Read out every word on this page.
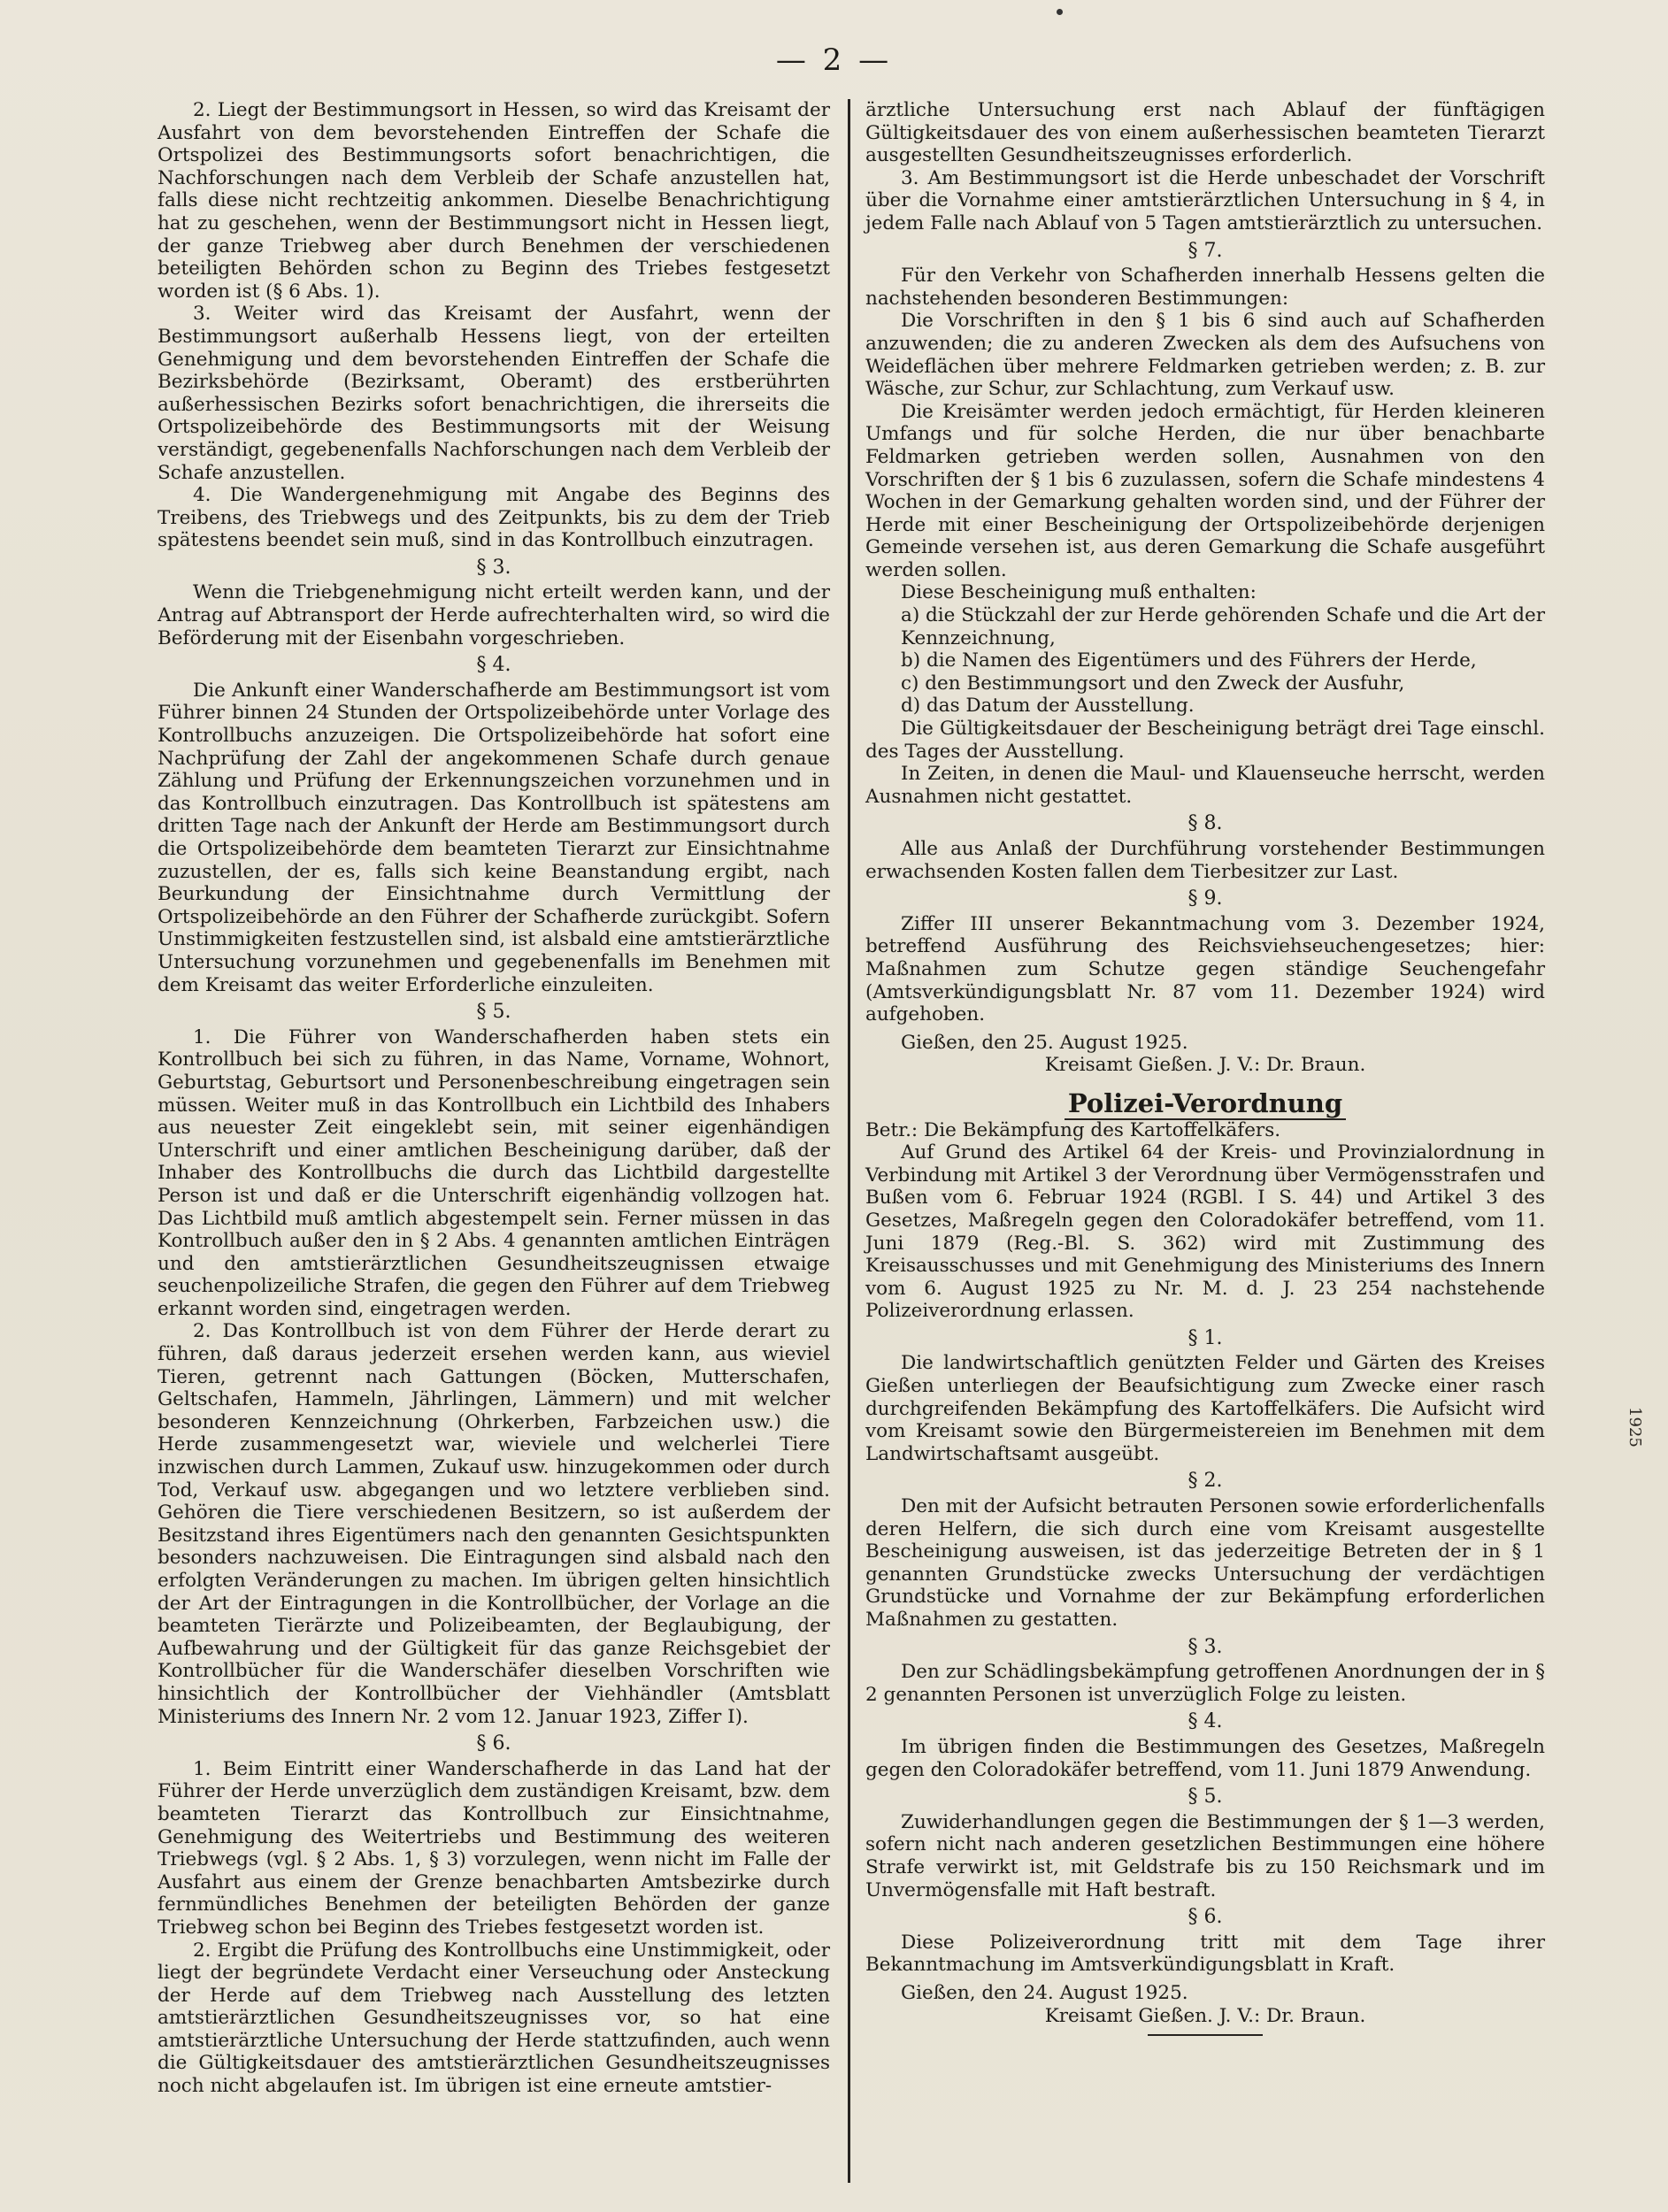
— 2 —

2. Liegt der Bestimmungsort in Hessen, so wird das Kreisamt der Ausfahrt von dem bevorstehenden Eintreffen der Schafe die Ortspolizei des Bestimmungsorts sofort benachrichtigen, die Nachforschungen nach dem Verbleib der Schafe anzustellen hat, falls diese nicht rechtzeitig ankommen. Dieselbe Benachrichtigung hat zu geschehen, wenn der Bestimmungsort nicht in Hessen liegt, der ganze Triebweg aber durch Benehmen der verschiedenen beteiligten Behörden schon zu Beginn des Triebes festgesetzt worden ist (§ 6 Abs. 1).

3. Weiter wird das Kreisamt der Ausfahrt, wenn der Bestimmungsort außerhalb Hessens liegt, von der erteilten Genehmigung und dem bevorstehenden Eintreffen der Schafe die Bezirksbehörde (Bezirksamt, Oberamt) des erstberührten außerhessischen Bezirks sofort benachrichtigen, die ihrerseits die Ortspolizeibehörde des Bestimmungsorts mit der Weisung verständigt, gegebenenfalls Nachforschungen nach dem Verbleib der Schafe anzustellen.

4. Die Wandergenehmigung mit Angabe des Beginns des Treibens, des Triebwegs und des Zeitpunkts, bis zu dem der Trieb spätestens beendet sein muß, sind in das Kontrollbuch einzutragen.

§ 3.

Wenn die Triebgenehmigung nicht erteilt werden kann, und der Antrag auf Abtransport der Herde aufrechterhalten wird, so wird die Beförderung mit der Eisenbahn vorgeschrieben.

§ 4.

Die Ankunft einer Wanderschafherde am Bestimmungsort ist vom Führer binnen 24 Stunden der Ortspolizeibehörde unter Vorlage des Kontrollbuchs anzuzeigen. Die Ortspolizeibehörde hat sofort eine Nachprüfung der Zahl der angekommenen Schafe durch genaue Zählung und Prüfung der Erkennungszeichen vorzunehmen und in das Kontrollbuch einzutragen. Das Kontrollbuch ist spätestens am dritten Tage nach der Ankunft der Herde am Bestimmungsort durch die Ortspolizeibehörde dem beamteten Tierarzt zur Einsichtnahme zuzustellen, der es, falls sich keine Beanstandung ergibt, nach Beurkundung der Einsichtnahme durch Vermittlung der Ortspolizeibehörde an den Führer der Schafherde zurückgibt. Sofern Unstimmigkeiten festzustellen sind, ist alsbald eine amtstierärztliche Untersuchung vorzunehmen und gegebenenfalls im Benehmen mit dem Kreisamt das weiter Erforderliche einzuleiten.

§ 5.

1. Die Führer von Wanderschafherden haben stets ein Kontrollbuch bei sich zu führen, in das Name, Vorname, Wohnort, Geburtstag, Geburtsort und Personenbeschreibung eingetragen sein müssen. Weiter muß in das Kontrollbuch ein Lichtbild des Inhabers aus neuester Zeit eingeklebt sein, mit seiner eigenhändigen Unterschrift und einer amtlichen Bescheinigung darüber, daß der Inhaber des Kontrollbuchs die durch das Lichtbild dargestellte Person ist und daß er die Unterschrift eigenhändig vollzogen hat. Das Lichtbild muß amtlich abgestempelt sein. Ferner müssen in das Kontrollbuch außer den in § 2 Abs. 4 genannten amtlichen Einträgen und den amtstierärztlichen Gesundheitszeugnissen etwaige seuchenpolizeiliche Strafen, die gegen den Führer auf dem Triebweg erkannt worden sind, eingetragen werden.

2. Das Kontrollbuch ist von dem Führer der Herde derart zu führen, daß daraus jederzeit ersehen werden kann, aus wieviel Tieren, getrennt nach Gattungen (Böcken, Mutterschafen, Geltschafen, Hammeln, Jährlingen, Lämmern) und mit welcher besonderen Kennzeichnung (Ohrkerben, Farbzeichen usw.) die Herde zusammengesetzt war, wieviele und welcherlei Tiere inzwischen durch Lammen, Zukauf usw. hinzugekommen oder durch Tod, Verkauf usw. abgegangen und wo letztere verblieben sind. Gehören die Tiere verschiedenen Besitzern, so ist außerdem der Besitzstand ihres Eigentümers nach den genannten Gesichtspunkten besonders nachzuweisen. Die Eintragungen sind alsbald nach den erfolgten Veränderungen zu machen. Im übrigen gelten hinsichtlich der Art der Eintragungen in die Kontrollbücher, der Vorlage an die beamteten Tierärzte und Polizeibeamten, der Beglaubigung, der Aufbewahrung und der Gültigkeit für das ganze Reichsgebiet der Kontrollbücher für die Wanderschäfer dieselben Vorschriften wie hinsichtlich der Kontrollbücher der Viehhändler (Amtsblatt Ministeriums des Innern Nr. 2 vom 12. Januar 1923, Ziffer I).

§ 6.

1. Beim Eintritt einer Wanderschafherde in das Land hat der Führer der Herde unverzüglich dem zuständigen Kreisamt, bzw. dem beamteten Tierarzt das Kontrollbuch zur Einsichtnahme, Genehmigung des Weitertriebs und Bestimmung des weiteren Triebwegs (vgl. § 2 Abs. 1, § 3) vorzulegen, wenn nicht im Falle der Ausfahrt aus einem der Grenze benachbarten Amtsbezirke durch fernmündliches Benehmen der beteiligten Behörden der ganze Triebweg schon bei Beginn des Triebes festgesetzt worden ist.

2. Ergibt die Prüfung des Kontrollbuchs eine Unstimmigkeit, oder liegt der begründete Verdacht einer Verseuchung oder Ansteckung der Herde auf dem Triebweg nach Ausstellung des letzten amtstierärztlichen Gesundheitszeugnisses vor, so hat eine amtstierärztliche Untersuchung der Herde stattzufinden, auch wenn die Gültigkeitsdauer des amtstierärztlichen Gesundheitszeugnisses noch nicht abgelaufen ist. Im übrigen ist eine erneute amtstier-

ärztliche Untersuchung erst nach Ablauf der fünftägigen Gültigkeitsdauer des von einem außerhessischen beamteten Tierarzt ausgestellten Gesundheitszeugnisses erforderlich.

3. Am Bestimmungsort ist die Herde unbeschadet der Vorschrift über die Vornahme einer amtstierärztlichen Untersuchung in § 4, in jedem Falle nach Ablauf von 5 Tagen amtstierärztlich zu untersuchen.

§ 7.

Für den Verkehr von Schafherden innerhalb Hessens gelten die nachstehenden besonderen Bestimmungen:

Die Vorschriften in den § 1 bis 6 sind auch auf Schafherden anzuwenden; die zu anderen Zwecken als dem des Aufsuchens von Weideflächen über mehrere Feldmarken getrieben werden; z. B. zur Wäsche, zur Schur, zur Schlachtung, zum Verkauf usw.

Die Kreisämter werden jedoch ermächtigt, für Herden kleineren Umfangs und für solche Herden, die nur über benachbarte Feldmarken getrieben werden sollen, Ausnahmen von den Vorschriften der § 1 bis 6 zuzulassen, sofern die Schafe mindestens 4 Wochen in der Gemarkung gehalten worden sind, und der Führer der Herde mit einer Bescheinigung der Ortspolizeibehörde derjenigen Gemeinde versehen ist, aus deren Gemarkung die Schafe ausgeführt werden sollen.

Diese Bescheinigung muß enthalten:

a) die Stückzahl der zur Herde gehörenden Schafe und die Art der Kennzeichnung,

b) die Namen des Eigentümers und des Führers der Herde,

c) den Bestimmungsort und den Zweck der Ausfuhr,

d) das Datum der Ausstellung.

Die Gültigkeitsdauer der Bescheinigung beträgt drei Tage einschl. des Tages der Ausstellung.

In Zeiten, in denen die Maul- und Klauenseuche herrscht, werden Ausnahmen nicht gestattet.

§ 8.

Alle aus Anlaß der Durchführung vorstehender Bestimmungen erwachsenden Kosten fallen dem Tierbesitzer zur Last.

§ 9.

Ziffer III unserer Bekanntmachung vom 3. Dezember 1924, betreffend Ausführung des Reichsviehseuchengesetzes; hier: Maßnahmen zum Schutze gegen ständige Seuchengefahr (Amtsverkündigungsblatt Nr. 87 vom 11. Dezember 1924) wird aufgehoben.

Gießen, den 25. August 1925.

Kreisamt Gießen. J. V.: Dr. Braun.

Polizei-Verordnung

Betr.: Die Bekämpfung des Kartoffelkäfers.

Auf Grund des Artikel 64 der Kreis- und Provinzialordnung in Verbindung mit Artikel 3 der Verordnung über Vermögensstrafen und Bußen vom 6. Februar 1924 (RGBl. I S. 44) und Artikel 3 des Gesetzes, Maßregeln gegen den Coloradokäfer betreffend, vom 11. Juni 1879 (Reg.-Bl. S. 362) wird mit Zustimmung des Kreisausschusses und mit Genehmigung des Ministeriums des Innern vom 6. August 1925 zu Nr. M. d. J. 23 254 nachstehende Polizeiverordnung erlassen.

§ 1.

Die landwirtschaftlich genützten Felder und Gärten des Kreises Gießen unterliegen der Beaufsichtigung zum Zwecke einer rasch durchgreifenden Bekämpfung des Kartoffelkäfers. Die Aufsicht wird vom Kreisamt sowie den Bürgermeistereien im Benehmen mit dem Landwirtschaftsamt ausgeübt.

§ 2.

Den mit der Aufsicht betrauten Personen sowie erforderlichenfalls deren Helfern, die sich durch eine vom Kreisamt ausgestellte Bescheinigung ausweisen, ist das jederzeitige Betreten der in § 1 genannten Grundstücke zwecks Untersuchung der verdächtigen Grundstücke und Vornahme der zur Bekämpfung erforderlichen Maßnahmen zu gestatten.

§ 3.

Den zur Schädlingsbekämpfung getroffenen Anordnungen der in § 2 genannten Personen ist unverzüglich Folge zu leisten.

§ 4.

Im übrigen finden die Bestimmungen des Gesetzes, Maßregeln gegen den Coloradokäfer betreffend, vom 11. Juni 1879 Anwendung.

§ 5.

Zuwiderhandlungen gegen die Bestimmungen der § 1—3 werden, sofern nicht nach anderen gesetzlichen Bestimmungen eine höhere Strafe verwirkt ist, mit Geldstrafe bis zu 150 Reichsmark und im Unvermögensfalle mit Haft bestraft.

§ 6.

Diese Polizeiverordnung tritt mit dem Tage ihrer Bekanntmachung im Amtsverkündigungsblatt in Kraft.

Gießen, den 24. August 1925.

Kreisamt Gießen. J. V.: Dr. Braun.

1925
